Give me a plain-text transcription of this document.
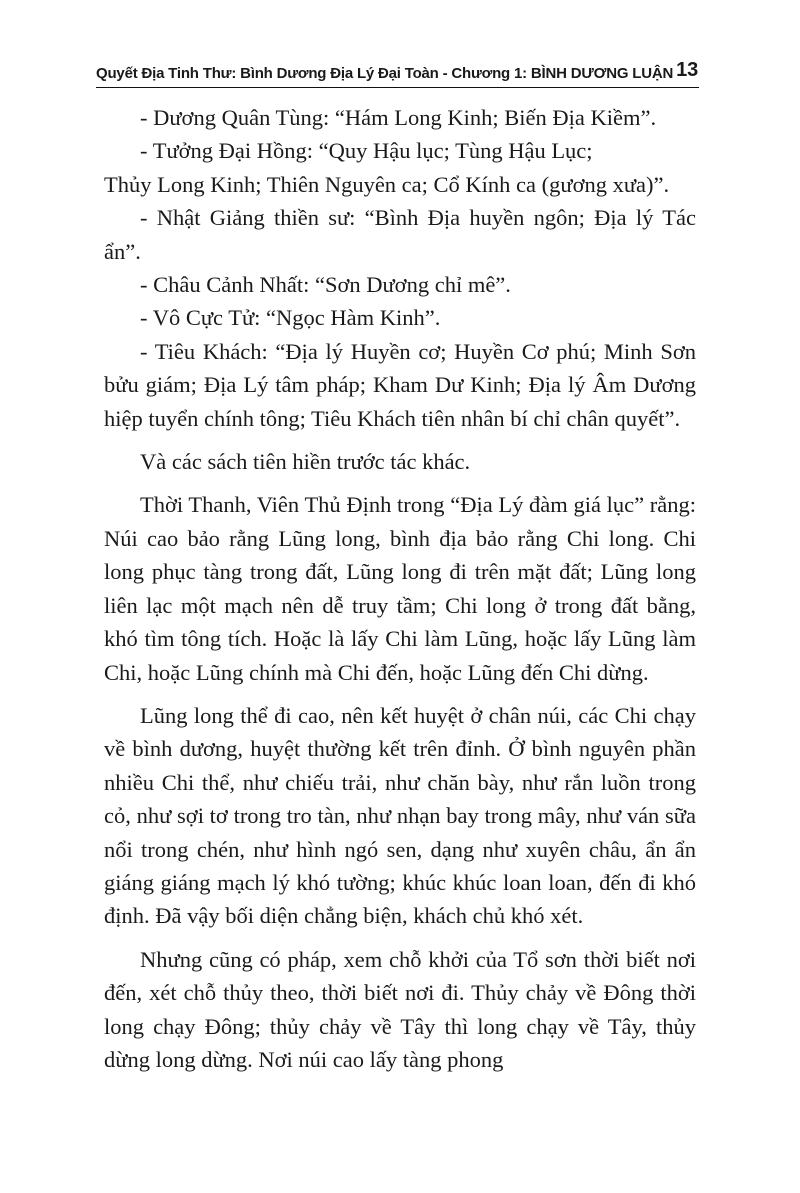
Quyết Địa Tinh Thư: Bình Dương Địa Lý Đại Toàn - Chương 1: BÌNH DƯƠNG LUẬN 13

- Dương Quân Tùng: “Hám Long Kinh; Biến Địa Kiềm”.

- Tưởng Đại Hồng: “Quy Hậu lục; Tùng Hậu Lục;

Thủy Long Kinh; Thiên Nguyên ca; Cổ Kính ca (gương xưa)”.

- Nhật Giảng thiền sư: “Bình Địa huyền ngôn; Địa lý Tác ẩn”.

- Châu Cảnh Nhất: “Sơn Dương chỉ mê”.

- Vô Cực Tử: “Ngọc Hàm Kinh”.

- Tiêu Khách: “Địa lý Huyền cơ; Huyền Cơ phú; Minh Sơn bửu giám; Địa Lý tâm pháp; Kham Dư Kinh; Địa lý Âm Dương hiệp tuyển chính tông; Tiêu Khách tiên nhân bí chỉ chân quyết”.

Và các sách tiên hiền trước tác khác.

Thời Thanh, Viên Thủ Định trong “Địa Lý đàm giá lục” rằng: Núi cao bảo rằng Lũng long, bình địa bảo rằng Chi long. Chi long phục tàng trong đất, Lũng long đi trên mặt đất; Lũng long liên lạc một mạch nên dễ truy tầm; Chi long ở trong đất bằng, khó tìm tông tích. Hoặc là lấy Chi làm Lũng, hoặc lấy Lũng làm Chi, hoặc Lũng chính mà Chi đến, hoặc Lũng đến Chi dừng.

Lũng long thể đi cao, nên kết huyệt ở chân núi, các Chi chạy về bình dương, huyệt thường kết trên đỉnh. Ở bình nguyên phần nhiều Chi thể, như chiếu trải, như chăn bày, như rắn luồn trong cỏ, như sợi tơ trong tro tàn, như nhạn bay trong mây, như ván sữa nổi trong chén, như hình ngó sen, dạng như xuyên châu, ẩn ẩn giáng giáng mạch lý khó tường; khúc khúc loan loan, đến đi khó định. Đã vậy bối diện chẳng biện, khách chủ khó xét.

Nhưng cũng có pháp, xem chỗ khởi của Tổ sơn thời biết nơi đến, xét chỗ thủy theo, thời biết nơi đi. Thủy chảy về Đông thời long chạy Đông; thủy chảy về Tây thì long chạy về Tây, thủy dừng long dừng. Nơi núi cao lấy tàng phong
